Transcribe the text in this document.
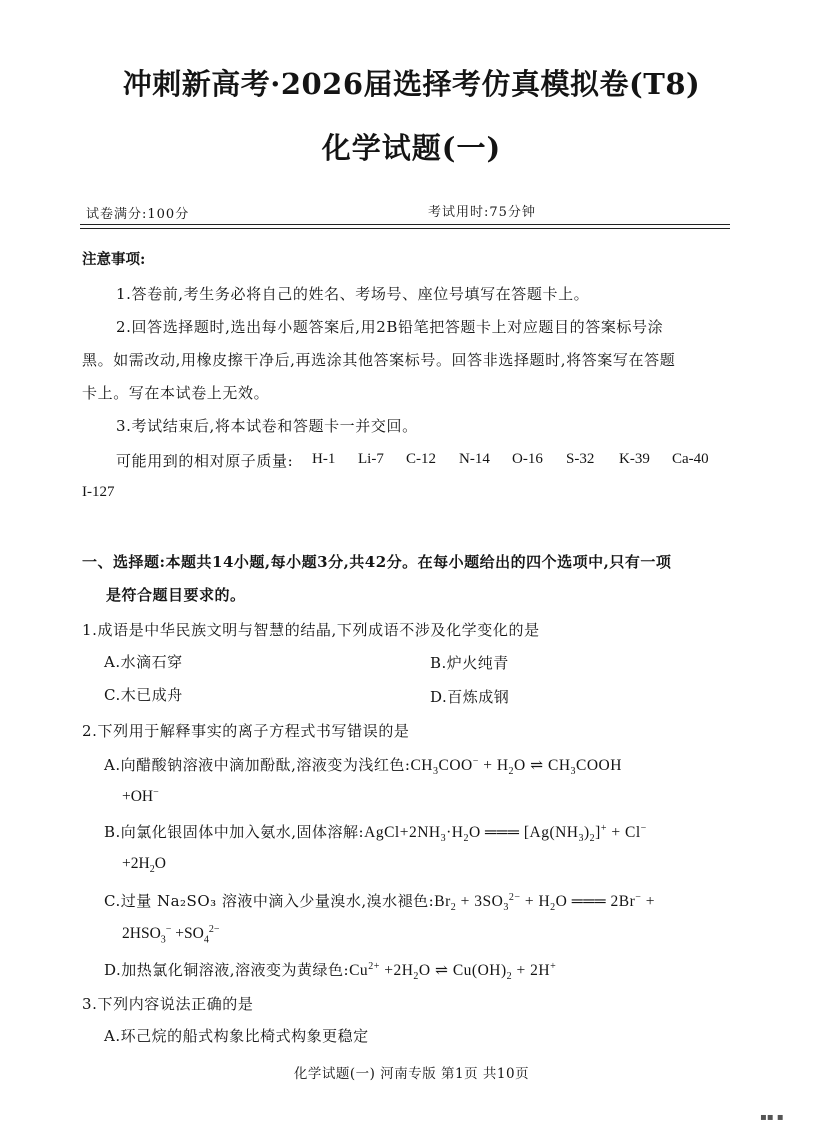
冲刺新高考·2026届选择考仿真模拟卷(T8)
化学试题(一)
试卷满分:100分	考试用时:75分钟
注意事项:
1.答卷前,考生务必将自己的姓名、考场号、座位号填写在答题卡上。
2.回答选择题时,选出每小题答案后,用2B铅笔把答题卡上对应题目的答案标号涂
黑。如需改动,用橡皮擦干净后,再选涂其他答案标号。回答非选择题时,将答案写在答题
卡上。写在本试卷上无效。
3.考试结束后,将本试卷和答题卡一并交回。
可能用到的相对原子质量: H-1 Li-7 C-12 N-14 O-16 S-32 K-39 Ca-40
I-127
一、选择题:本题共14小题,每小题3分,共42分。在每小题给出的四个选项中,只有一项
是符合题目要求的。
1.成语是中华民族文明与智慧的结晶,下列成语不涉及化学变化的是
A.水滴石穿	B.炉火纯青
C.木已成舟	D.百炼成钢
2.下列用于解释事实的离子方程式书写错误的是
A.向醋酸钠溶液中滴加酚酞,溶液变为浅红色$:CH_3COO^- + H_2O$ ⇌ $CH_3COOH$
+OH−
B.向氯化银固体中加入氨水,固体溶解$:AgCl+2NH_3\cdot H_2O$ ═══ $[Ag(NH_3)_2]^+ + Cl^-$
$+2H_2O$
C.过量 Na₂SO₃ 溶液中滴入少量溴水,溴水褪色$:Br_2 + 3SO_3^{2-} + H_2O$ ═══ 2Br− +
$2HSO_3^- +SO_4^{2-}$
D.加热氯化铜溶液,溶液变为黄绿色$:Cu^{2+} +2H_2O$ ⇌ $Cu(OH)_2 + 2H^+$
3.下列内容说法正确的是
A.环己烷的船式构象比椅式构象更稳定
化学试题(一) 河南专版 第1页 共10页
▪▪ ▪
